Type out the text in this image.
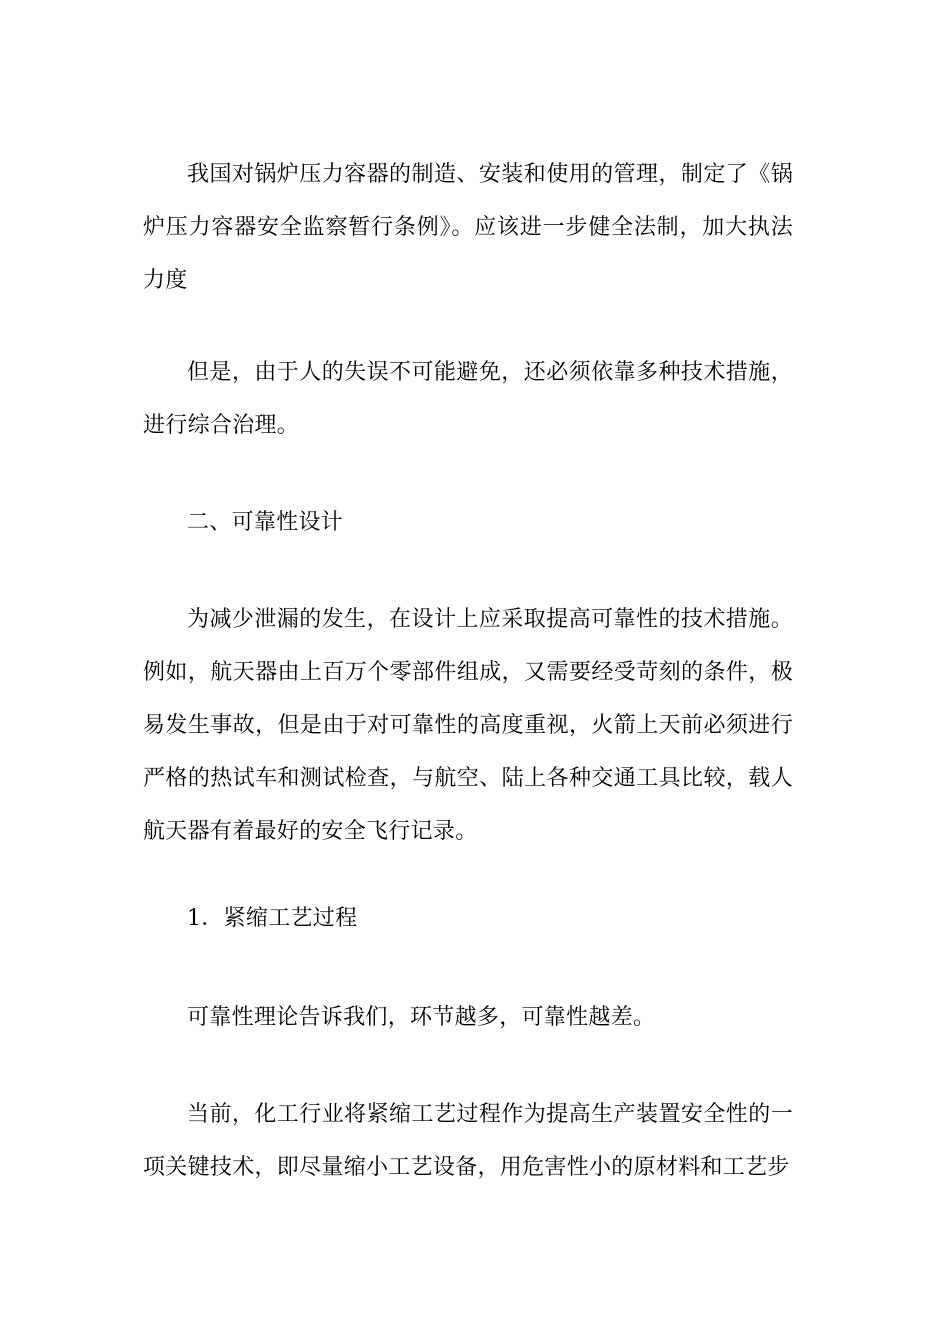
我国对锅炉压力容器的制造、安装和使用的管理，制定了《锅炉压力容器安全监察暂行条例》。应该进一步健全法制，加大执法力度

但是，由于人的失误不可能避免，还必须依靠多种技术措施，进行综合治理。

二、可靠性设计

为减少泄漏的发生，在设计上应采取提高可靠性的技术措施。例如，航天器由上百万个零部件组成，又需要经受苛刻的条件，极易发生事故，但是由于对可靠性的高度重视，火箭上天前必须进行严格的热试车和测试检查，与航空、陆上各种交通工具比较，载人航天器有着最好的安全飞行记录。

1．紧缩工艺过程

可靠性理论告诉我们，环节越多，可靠性越差。

当前，化工行业将紧缩工艺过程作为提高生产装置安全性的一项关键技术，即尽量缩小工艺设备，用危害性小的原材料和工艺步
